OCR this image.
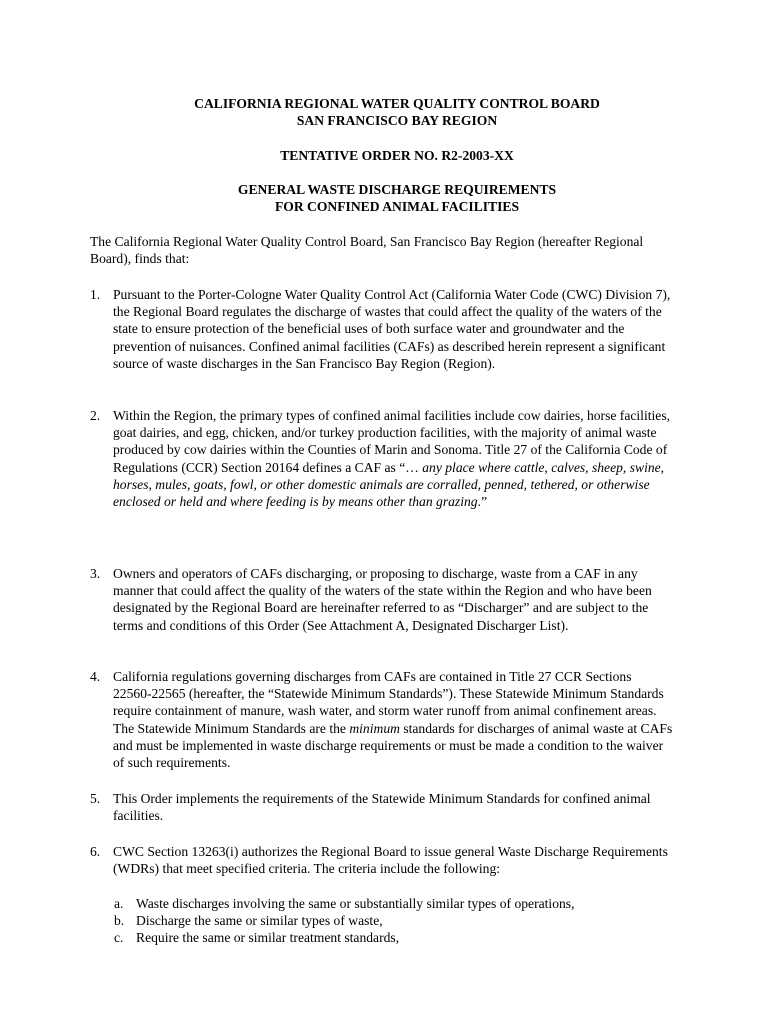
CALIFORNIA REGIONAL WATER QUALITY CONTROL BOARD
SAN FRANCISCO BAY REGION
TENTATIVE ORDER NO. R2-2003-XX
GENERAL WASTE DISCHARGE REQUIREMENTS
FOR CONFINED ANIMAL FACILITIES
The California Regional Water Quality Control Board, San Francisco Bay Region (hereafter Regional Board), finds that:
1. Pursuant to the Porter-Cologne Water Quality Control Act (California Water Code (CWC) Division 7), the Regional Board regulates the discharge of wastes that could affect the quality of the waters of the state to ensure protection of the beneficial uses of both surface water and groundwater and the prevention of nuisances. Confined animal facilities (CAFs) as described herein represent a significant source of waste discharges in the San Francisco Bay Region (Region).
2. Within the Region, the primary types of confined animal facilities include cow dairies, horse facilities, goat dairies, and egg, chicken, and/or turkey production facilities, with the majority of animal waste produced by cow dairies within the Counties of Marin and Sonoma. Title 27 of the California Code of Regulations (CCR) Section 20164 defines a CAF as “… any place where cattle, calves, sheep, swine, horses, mules, goats, fowl, or other domestic animals are corralled, penned, tethered, or otherwise enclosed or held and where feeding is by means other than grazing.”
3. Owners and operators of CAFs discharging, or proposing to discharge, waste from a CAF in any manner that could affect the quality of the waters of the state within the Region and who have been designated by the Regional Board are hereinafter referred to as “Discharger” and are subject to the terms and conditions of this Order (See Attachment A, Designated Discharger List).
4. California regulations governing discharges from CAFs are contained in Title 27 CCR Sections 22560-22565 (hereafter, the “Statewide Minimum Standards”). These Statewide Minimum Standards require containment of manure, wash water, and storm water runoff from animal confinement areas. The Statewide Minimum Standards are the minimum standards for discharges of animal waste at CAFs and must be implemented in waste discharge requirements or must be made a condition to the waiver of such requirements.
5. This Order implements the requirements of the Statewide Minimum Standards for confined animal facilities.
6. CWC Section 13263(i) authorizes the Regional Board to issue general Waste Discharge Requirements (WDRs) that meet specified criteria. The criteria include the following:
a. Waste discharges involving the same or substantially similar types of operations,
b. Discharge the same or similar types of waste,
c. Require the same or similar treatment standards,
